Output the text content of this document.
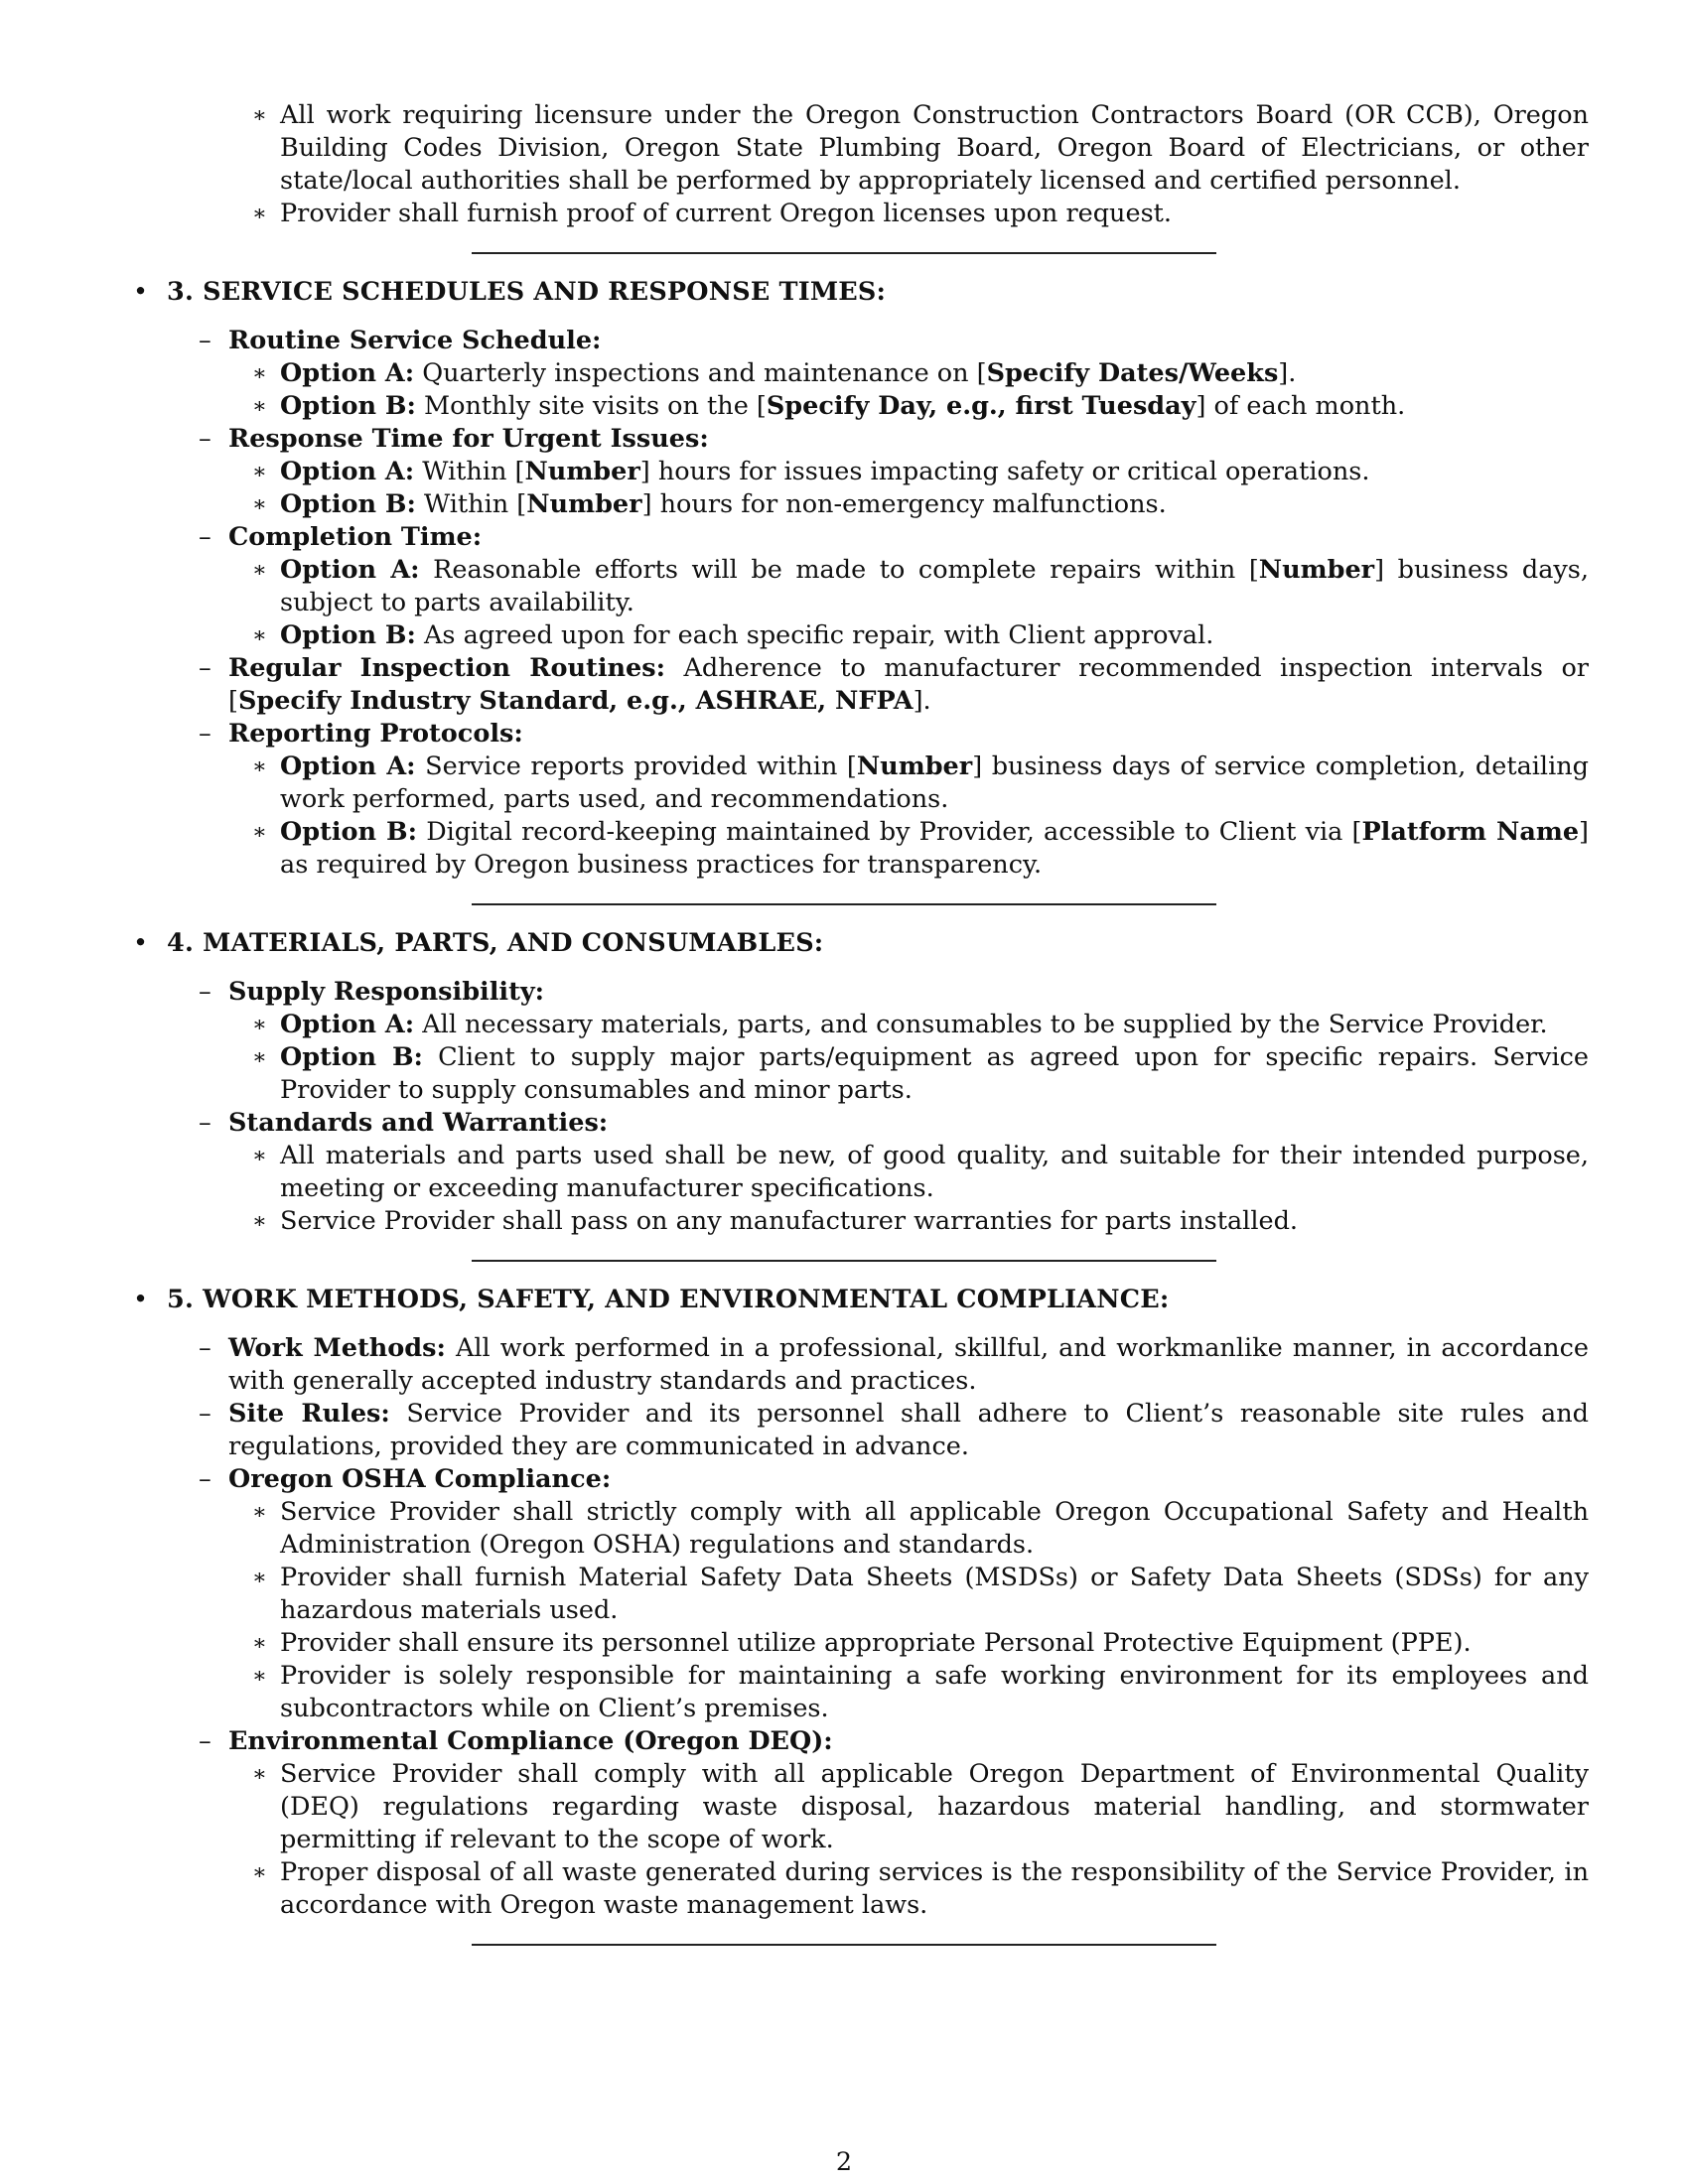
∗ All work requiring licensure under the Oregon Construction Contractors Board (OR CCB), Oregon Building Codes Division, Oregon State Plumbing Board, Oregon Board of Electricians, or other state/local authorities shall be performed by appropriately licensed and certified personnel.
∗ Provider shall furnish proof of current Oregon licenses upon request.
• 3. SERVICE SCHEDULES AND RESPONSE TIMES:
– Routine Service Schedule:
∗ Option A: Quarterly inspections and maintenance on [Specify Dates/Weeks].
∗ Option B: Monthly site visits on the [Specify Day, e.g., first Tuesday] of each month.
– Response Time for Urgent Issues:
∗ Option A: Within [Number] hours for issues impacting safety or critical operations.
∗ Option B: Within [Number] hours for non-emergency malfunctions.
– Completion Time:
∗ Option A: Reasonable efforts will be made to complete repairs within [Number] business days, subject to parts availability.
∗ Option B: As agreed upon for each specific repair, with Client approval.
– Regular Inspection Routines: Adherence to manufacturer recommended inspection intervals or [Specify Industry Standard, e.g., ASHRAE, NFPA].
– Reporting Protocols:
∗ Option A: Service reports provided within [Number] business days of service completion, detailing work performed, parts used, and recommendations.
∗ Option B: Digital record-keeping maintained by Provider, accessible to Client via [Platform Name] as required by Oregon business practices for transparency.
• 4. MATERIALS, PARTS, AND CONSUMABLES:
– Supply Responsibility:
∗ Option A: All necessary materials, parts, and consumables to be supplied by the Service Provider.
∗ Option B: Client to supply major parts/equipment as agreed upon for specific repairs. Service Provider to supply consumables and minor parts.
– Standards and Warranties:
∗ All materials and parts used shall be new, of good quality, and suitable for their intended purpose, meeting or exceeding manufacturer specifications.
∗ Service Provider shall pass on any manufacturer warranties for parts installed.
• 5. WORK METHODS, SAFETY, AND ENVIRONMENTAL COMPLIANCE:
– Work Methods: All work performed in a professional, skillful, and workmanlike manner, in accordance with generally accepted industry standards and practices.
– Site Rules: Service Provider and its personnel shall adhere to Client’s reasonable site rules and regulations, provided they are communicated in advance.
– Oregon OSHA Compliance:
∗ Service Provider shall strictly comply with all applicable Oregon Occupational Safety and Health Administration (Oregon OSHA) regulations and standards.
∗ Provider shall furnish Material Safety Data Sheets (MSDSs) or Safety Data Sheets (SDSs) for any hazardous materials used.
∗ Provider shall ensure its personnel utilize appropriate Personal Protective Equipment (PPE).
∗ Provider is solely responsible for maintaining a safe working environment for its employees and subcontractors while on Client’s premises.
– Environmental Compliance (Oregon DEQ):
∗ Service Provider shall comply with all applicable Oregon Department of Environmental Quality (DEQ) regulations regarding waste disposal, hazardous material handling, and stormwater permitting if relevant to the scope of work.
∗ Proper disposal of all waste generated during services is the responsibility of the Service Provider, in accordance with Oregon waste management laws.
2
